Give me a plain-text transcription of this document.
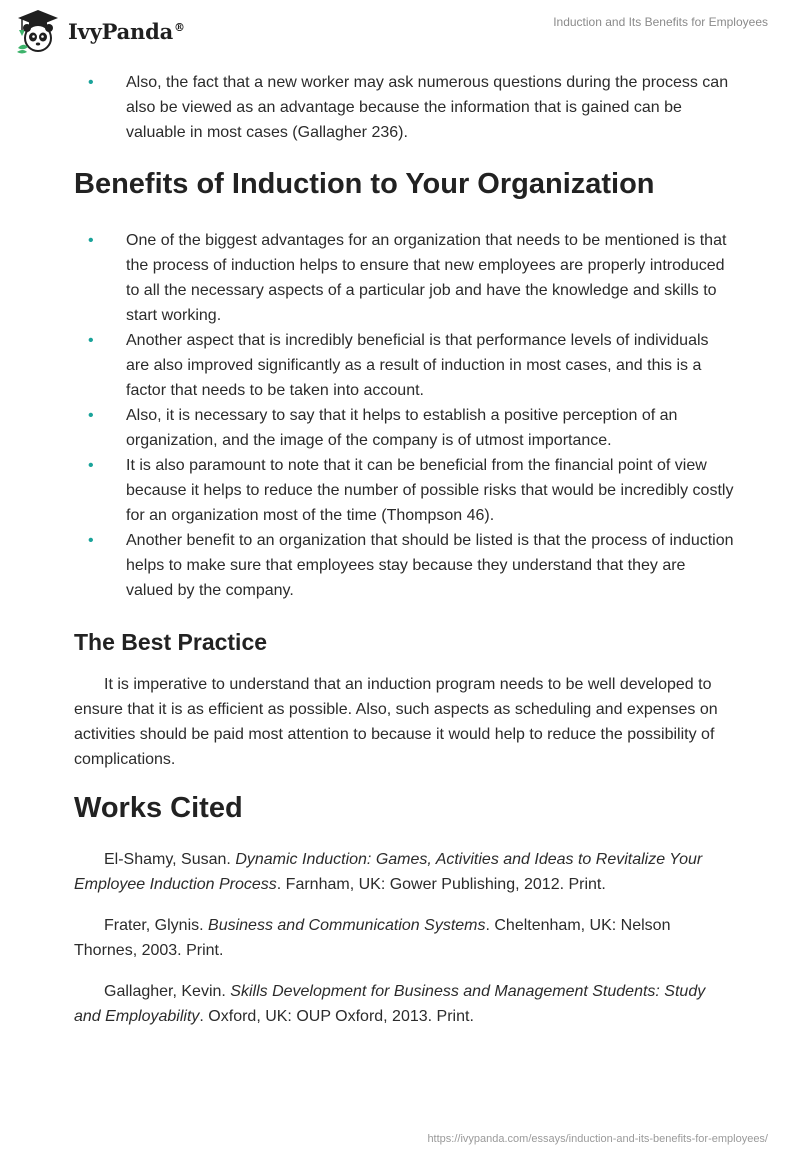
IvyPanda®	Induction and Its Benefits for Employees
• Also, the fact that a new worker may ask numerous questions during the process can also be viewed as an advantage because the information that is gained can be valuable in most cases (Gallagher 236).
Benefits of Induction to Your Organization
• One of the biggest advantages for an organization that needs to be mentioned is that the process of induction helps to ensure that new employees are properly introduced to all the necessary aspects of a particular job and have the knowledge and skills to start working.
• Another aspect that is incredibly beneficial is that performance levels of individuals are also improved significantly as a result of induction in most cases, and this is a factor that needs to be taken into account.
• Also, it is necessary to say that it helps to establish a positive perception of an organization, and the image of the company is of utmost importance.
• It is also paramount to note that it can be beneficial from the financial point of view because it helps to reduce the number of possible risks that would be incredibly costly for an organization most of the time (Thompson 46).
• Another benefit to an organization that should be listed is that the process of induction helps to make sure that employees stay because they understand that they are valued by the company.
The Best Practice

It is imperative to understand that an induction program needs to be well developed to ensure that it is as efficient as possible. Also, such aspects as scheduling and expenses on activities should be paid most attention to because it would help to reduce the possibility of complications.

Works Cited

El-Shamy, Susan. Dynamic Induction: Games, Activities and Ideas to Revitalize Your Employee Induction Process. Farnham, UK: Gower Publishing, 2012. Print.

Frater, Glynis. Business and Communication Systems. Cheltenham, UK: Nelson Thornes, 2003. Print.

Gallagher, Kevin. Skills Development for Business and Management Students: Study and Employability. Oxford, UK: OUP Oxford, 2013. Print.

https://ivypanda.com/essays/induction-and-its-benefits-for-employees/
